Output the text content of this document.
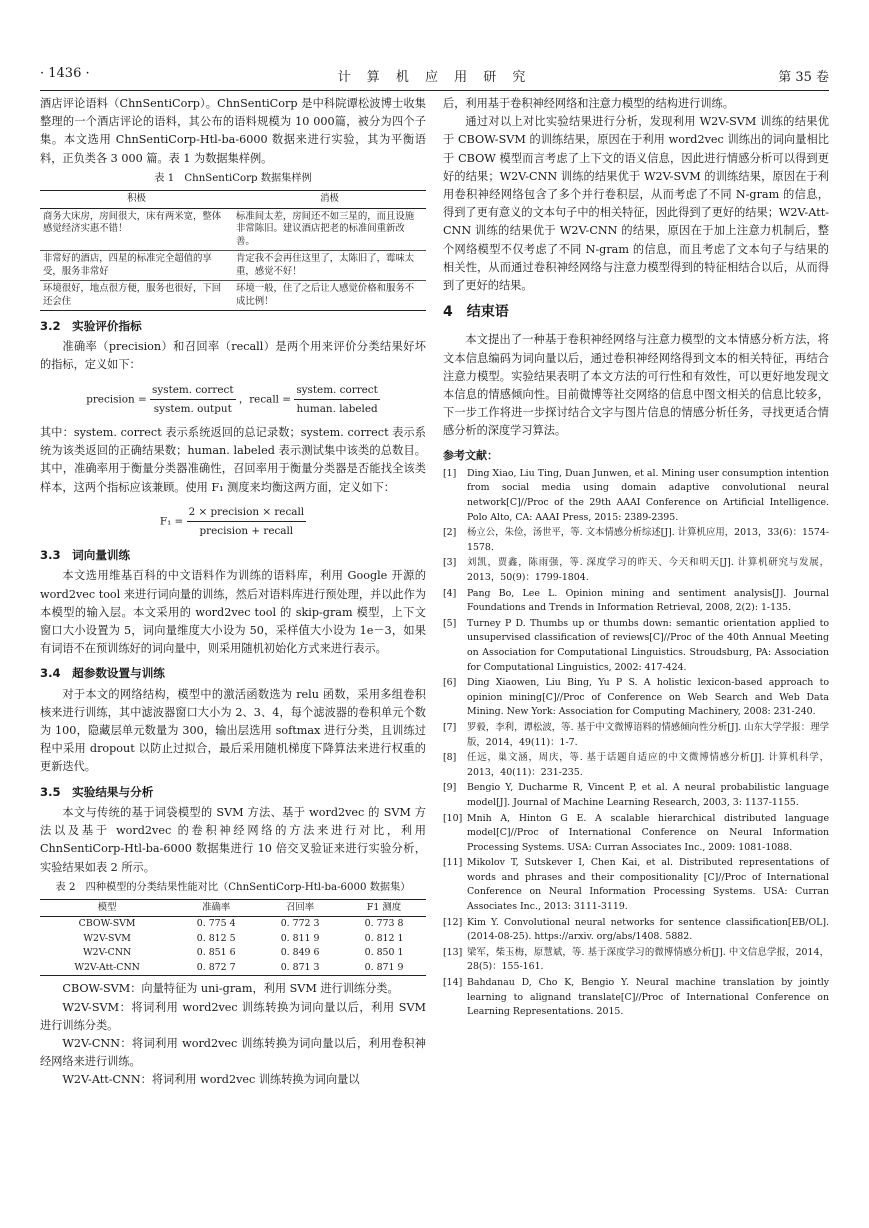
· 1436 ·	计 算 机 应 用 研 究	第 35 卷

酒店评论语料（ChnSentiCorp）。ChnSentiCorp 是中科院谭松波博士收集整理的一个酒店评论的语料，其公布的语料规模为 10 000篇，被分为四个子集。本文选用 ChnSentiCorp-Htl-ba-6000 数据来进行实验，其为平衡语料，正负类各 3 000 篇。表 1 为数据集样例。

表 1　ChnSentiCorp 数据集样例
积极	消极
商务大床房，房间很大，床有两米宽，整体感觉经济实惠不错！	标准间太差，房间还不如三星的，而且设施非常陈旧。建议酒店把老的标准间重新改善。
非常好的酒店，四星的标准完全超值的享受，服务非常好	肯定我不会再住这里了，太陈旧了，霉味太重，感觉不好！
环境很好，地点很方便，服务也很好，下回还会住	环境一般，住了之后让人感觉价格和服务不成比例！
3.2　实验评价指标

准确率（precision）和召回率（recall）是两个用来评价分类结果好坏的指标，定义如下：

precision = $\frac{\text{system. correct}}{\text{system. output}}$ ，recall = $\frac{\text{system. correct}}{\text{human. labeled}}$

其中：system. correct 表示系统返回的总记录数；system. correct 表示系统为该类返回的正确结果数；human. labeled 表示测试集中该类的总数目。其中，准确率用于衡量分类器准确性，召回率用于衡量分类器是否能找全该类样本，这两个指标应该兼顾。使用 F₁ 测度来均衡这两方面，定义如下：

$F_1 = \frac{\text{2 × precision × recall}}{\text{precision + recall}}$
3.3　词向量训练

本文选用维基百科的中文语料作为训练的语料库，利用 Google 开源的 word2vec tool 来进行词向量的训练，然后对语料库进行预处理，并以此作为本模型的输入层。本文采用的 word2vec tool 的 skip-gram 模型，上下文窗口大小设置为 5，词向量维度大小设为 50，采样值大小设为 1e－3，如果有词语不在预训练好的词向量中，则采用随机初始化方式来进行表示。

3.4　超参数设置与训练

对于本文的网络结构，模型中的激活函数选为 relu 函数，采用多组卷积核来进行训练，其中滤波器窗口大小为 2、3、4，每个滤波器的卷积单元个数为 100，隐藏层单元数量为 300，输出层选用 softmax 进行分类，且训练过程中采用 dropout 以防止过拟合，最后采用随机梯度下降算法来进行权重的更新迭代。

3.5　实验结果与分析

本文与传统的基于词袋模型的 SVM 方法、基于 word2vec 的 SVM 方法以及基于 word2vec 的卷积神经网络的方法来进行对比，利用 ChnSentiCorp-Htl-ba-6000 数据集进行 10 倍交叉验证来进行实验分析，实验结果如表 2 所示。

表 2　四种模型的分类结果性能对比（ChnSentiCorp-Htl-ba-6000 数据集）
模型	准确率	召回率	F1 测度
CBOW-SVM	0. 775 4	0. 772 3	0. 773 8
W2V-SVM	0. 812 5	0. 811 9	0. 812 1
W2V-CNN	0. 851 6	0. 849 6	0. 850 1
W2V-Att-CNN	0. 872 7	0. 871 3	0. 871 9

CBOW-SVM：向量特征为 uni-gram，利用 SVM 进行训练分类。

W2V-SVM：将词利用 word2vec 训练转换为词向量以后，利用 SVM 进行训练分类。

W2V-CNN：将词利用 word2vec 训练转换为词向量以后，利用卷积神经网络来进行训练。

W2V-Att-CNN：将词利用 word2vec 训练转换为词向量以

后，利用基于卷积神经网络和注意力模型的结构进行训练。

通过对以上对比实验结果进行分析，发现利用 W2V-SVM 训练的结果优于 CBOW-SVM 的训练结果，原因在于利用 word2vec 训练出的词向量相比于 CBOW 模型而言考虑了上下文的语义信息，因此进行情感分析可以得到更好的结果；W2V-CNN 训练的结果优于 W2V-SVM 的训练结果，原因在于利用卷积神经网络包含了多个并行卷积层，从而考虑了不同 N-gram 的信息，得到了更有意义的文本句子中的相关特征，因此得到了更好的结果；W2V-Att-CNN 训练的结果优于 W2V-CNN 的结果，原因在于加上注意力机制后，整个网络模型不仅考虑了不同 N-gram 的信息，而且考虑了文本句子与结果的相关性，从而通过卷积神经网络与注意力模型得到的特征相结合以后，从而得到了更好的结果。

4　结束语

本文提出了一种基于卷积神经网络与注意力模型的文本情感分析方法，将文本信息编码为词向量以后，通过卷积神经网络得到文本的相关特征，再结合注意力模型。实验结果表明了本文方法的可行性和有效性，可以更好地发现文本信息的情感倾向性。目前微博等社交网络的信息中图文相关的信息比较多，下一步工作将进一步探讨结合文字与图片信息的情感分析任务，寻找更适合情感分析的深度学习算法。

参考文献：
[1]	Ding Xiao, Liu Ting, Duan Junwen, et al. Mining user consumption intention from social media using domain adaptive convolutional neural network[C]//Proc of the 29th AAAI Conference on Artificial Intelligence. Polo Alto, CA: AAAI Press, 2015: 2389-2395.
[2]	杨立公，朱俭，汤世平，等. 文本情感分析综述[J]. 计算机应用，2013，33(6)：1574-1578.
[3]	刘凯，贾鑫，陈雨强，等. 深度学习的昨天、今天和明天[J]. 计算机研究与发展，2013，50(9)：1799-1804.
[4]	Pang Bo, Lee L. Opinion mining and sentiment analysis[J]. Journal Foundations and Trends in Information Retrieval, 2008, 2(2): 1-135.
[5]	Turney P D. Thumbs up or thumbs down: semantic orientation applied to unsupervised classification of reviews[C]//Proc of the 40th Annual Meeting on Association for Computational Linguistics. Stroudsburg, PA: Association for Computational Linguistics, 2002: 417-424.
[6]	Ding Xiaowen, Liu Bing, Yu P S. A holistic lexicon-based approach to opinion mining[C]//Proc of Conference on Web Search and Web Data Mining. New York: Association for Computing Machinery, 2008: 231-240.
[7]	罗毅，李利，谭松波，等. 基于中文微博语料的情感倾向性分析[J]. 山东大学学报：理学版，2014，49(11)：1-7.
[8]	任远，巢文涵，周庆，等. 基于话题自适应的中文微博情感分析[J]. 计算机科学，2013，40(11)：231-235.
[9]	Bengio Y, Ducharme R, Vincent P, et al. A neural probabilistic language model[J]. Journal of Machine Learning Research, 2003, 3: 1137-1155.
[10] Mnih A, Hinton G E. A scalable hierarchical distributed language model[C]//Proc of International Conference on Neural Information Processing Systems. USA: Curran Associates Inc., 2009: 1081-1088.
[11] Mikolov T, Sutskever I, Chen Kai, et al. Distributed representations of words and phrases and their compositionality [C]//Proc of International Conference on Neural Information Processing Systems. USA: Curran Associates Inc., 2013: 3111-3119.
[12] Kim Y. Convolutional neural networks for sentence classification[EB/OL]. (2014-08-25). https://arxiv. org/abs/1408. 5882.
[13] 梁军，柴玉梅，原慧斌，等. 基于深度学习的微博情感分析[J]. 中文信息学报，2014，28(5)：155-161.
[14] Bahdanau D, Cho K, Bengio Y. Neural machine translation by jointly learning to alignand translate[C]//Proc of International Conference on Learning Representations. 2015.
